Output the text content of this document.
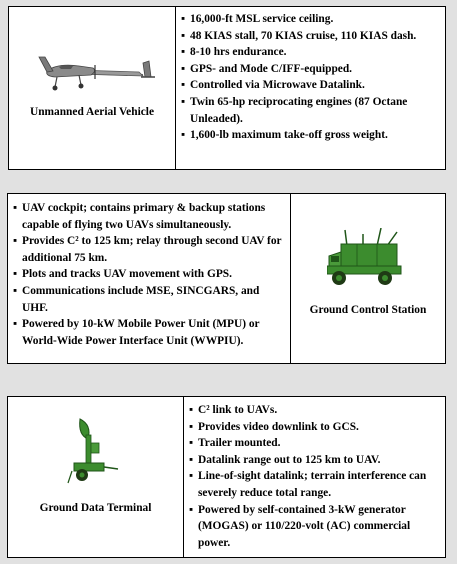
Unmanned Aerial Vehicle
▪ 16,000-ft MSL service ceiling.
▪ 48 KIAS stall, 70 KIAS cruise, 110 KIAS dash.
▪ 8-10 hrs endurance.
▪ GPS- and Mode C/IFF-equipped.
▪ Controlled via Microwave Datalink.
▪ Twin 65-hp reciprocating engines (87 Octane Unleaded).
▪ 1,600-lb maximum take-off gross weight.
▪ UAV cockpit; contains primary & backup stations capable of flying two UAVs simultaneously.
▪ Provides C² to 125 km; relay through second UAV for additional 75 km.
▪ Plots and tracks UAV movement with GPS.
▪ Communications include MSE, SINCGARS, and UHF.
▪ Powered by 10-kW Mobile Power Unit (MPU) or World-Wide Power Interface Unit (WWPIU).
Ground Control Station
Ground Data Terminal
▪ C² link to UAVs.
▪ Provides video downlink to GCS.
▪ Trailer mounted.
▪ Datalink range out to 125 km to UAV.
▪ Line-of-sight datalink; terrain interference can severely reduce total range.
▪ Powered by self-contained 3-kW generator (MOGAS) or 110/220-volt (AC) commercial power.
